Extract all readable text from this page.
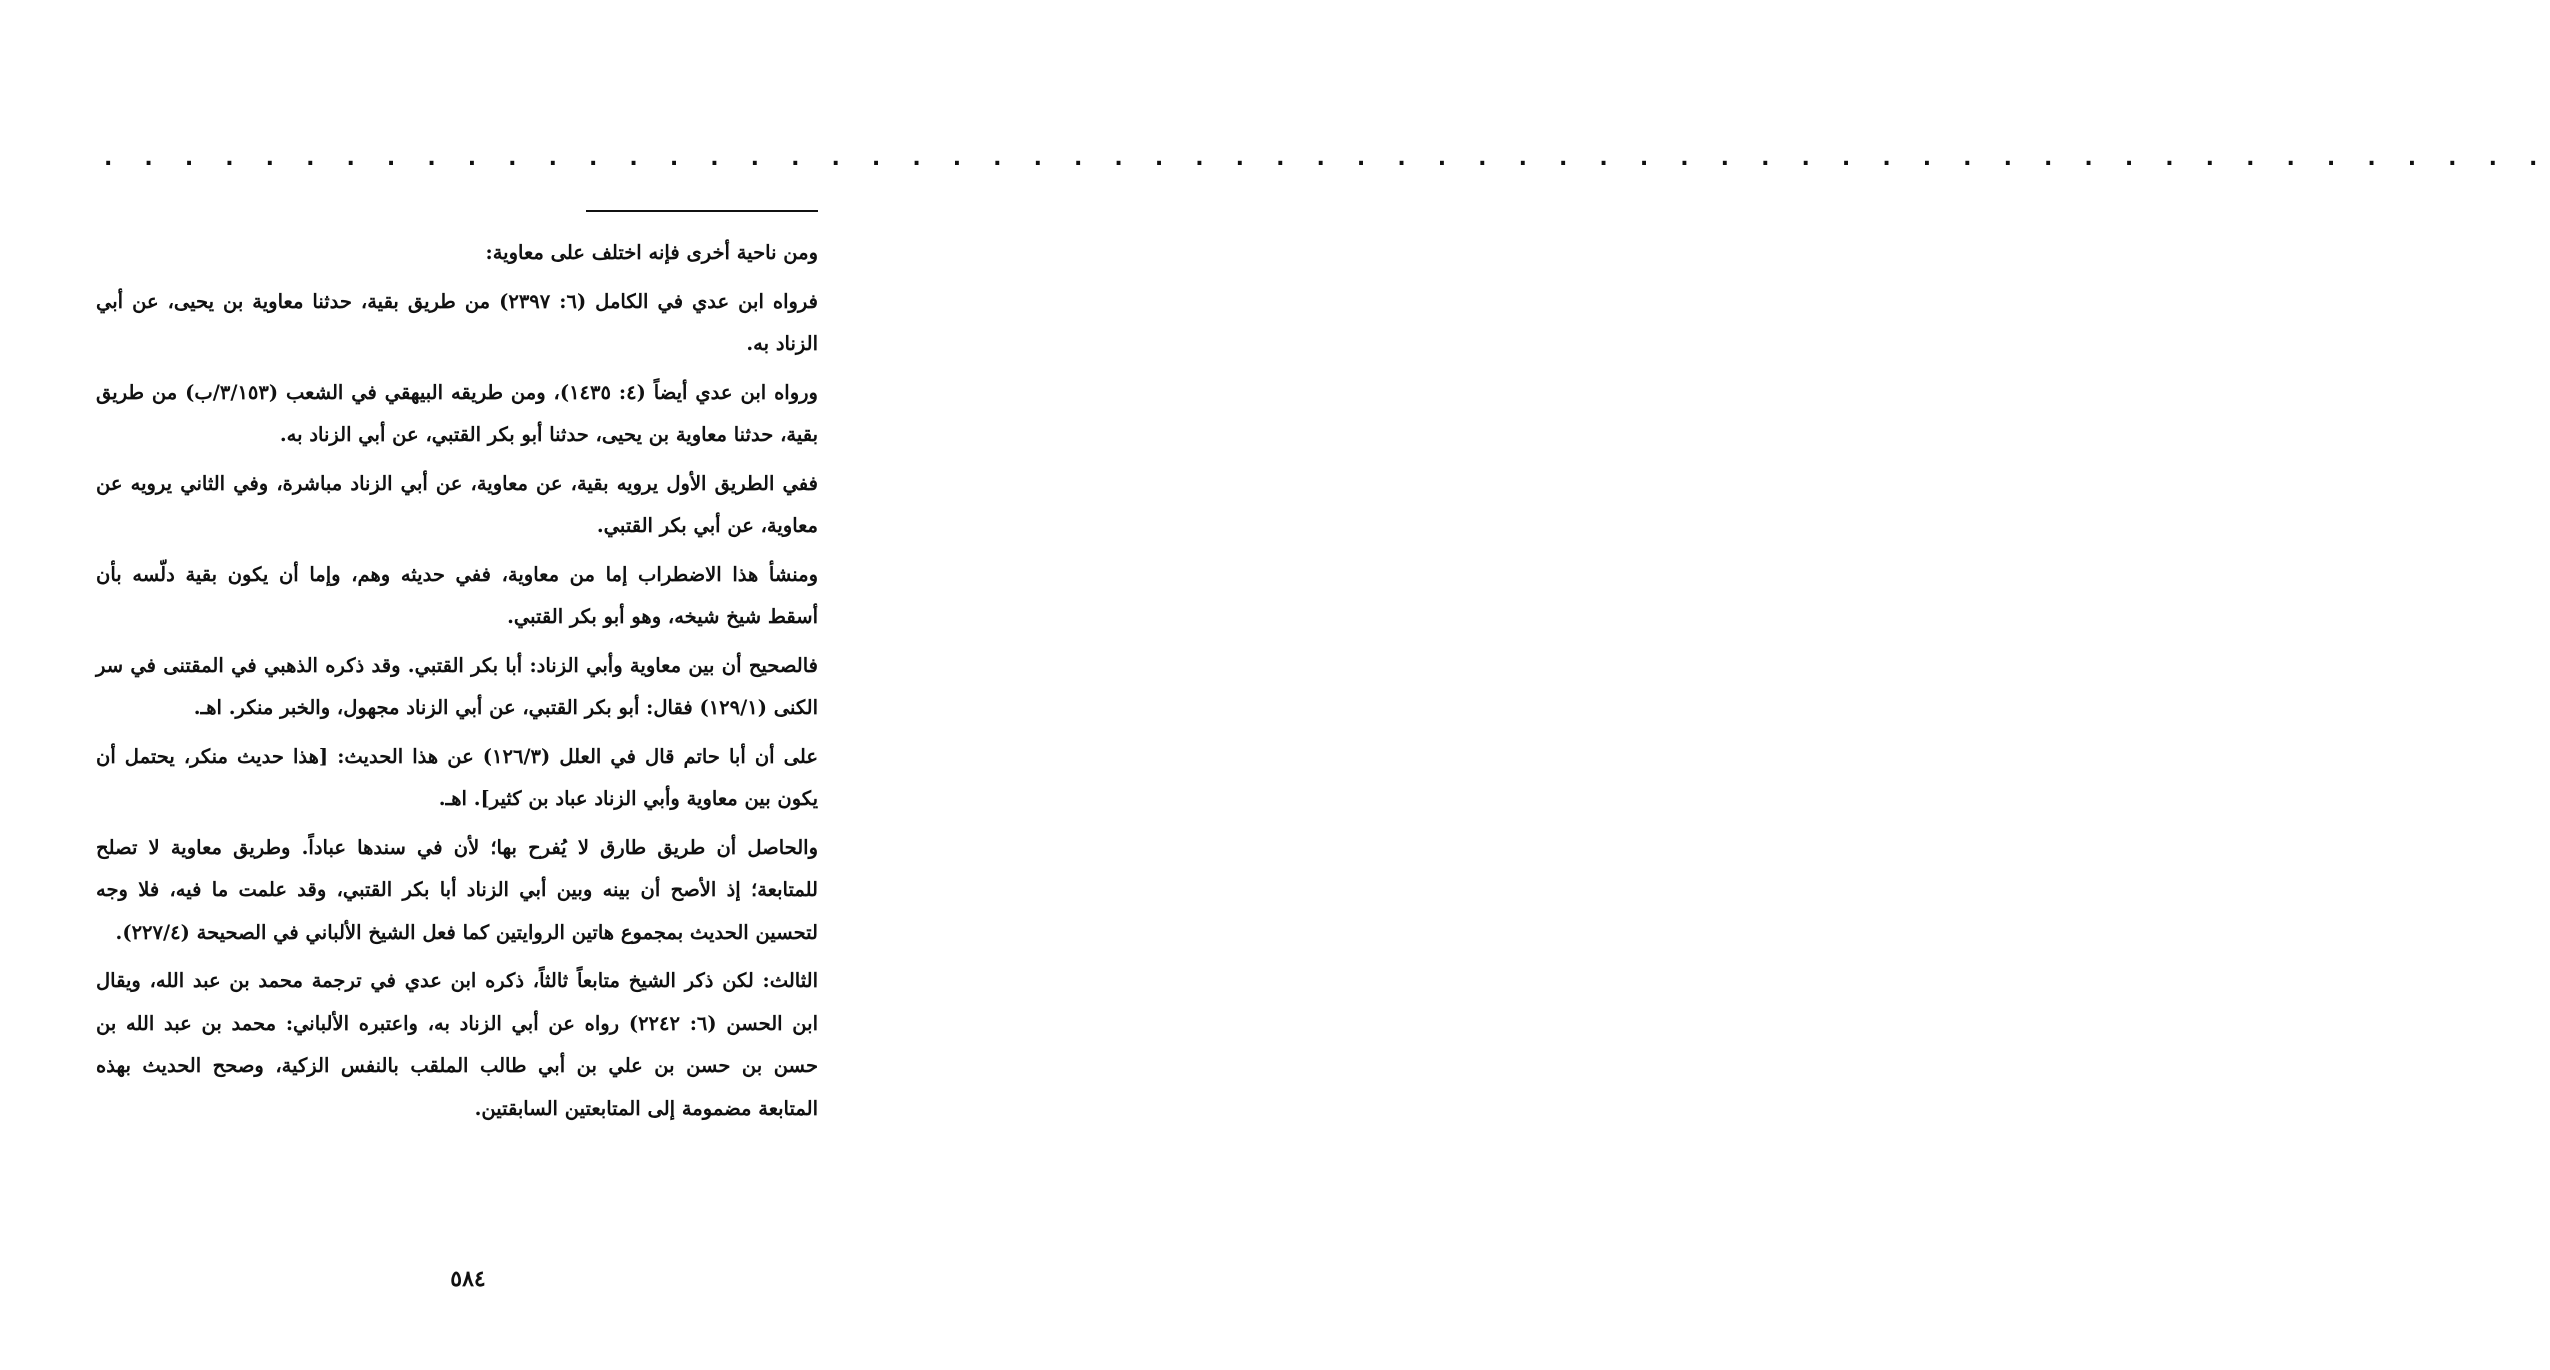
. . . . . . . . . . . . . . . . . . . . . . . . . . . . . . . . . . . . . . . . . . . . . . . . . . . . . . . . . . . . .

ومن ناحية أخرى فإنه اختلف على معاوية:

فرواه ابن عدي في الكامل (٦: ٢٣٩٧) من طريق بقية، حدثنا معاوية بن يحيى، عن أبي الزناد به.

ورواه ابن عدي أيضاً (٤: ١٤٣٥)، ومن طريقه البيهقي في الشعب (٣/١٥٣/ب) من طريق بقية، حدثنا معاوية بن يحيى، حدثنا أبو بكر القتبي، عن أبي الزناد به.

ففي الطريق الأول يرويه بقية، عن معاوية، عن أبي الزناد مباشرة، وفي الثاني يرويه عن معاوية، عن أبي بكر القتبي.

ومنشأ هذا الاضطراب إما من معاوية، ففي حديثه وهم، وإما أن يكون بقية دلّسه بأن أسقط شيخ شيخه، وهو أبو بكر القتبي.

فالصحيح أن بين معاوية وأبي الزناد: أبا بكر القتبي. وقد ذكره الذهبي في المقتنى في سر الكنى (١٢٩/١) فقال: أبو بكر القتبي، عن أبي الزناد مجهول، والخبر منكر. اهـ.

على أن أبا حاتم قال في العلل (١٢٦/٣) عن هذا الحديث: [هذا حديث منكر، يحتمل أن يكون بين معاوية وأبي الزناد عباد بن كثير]. اهـ.

والحاصل أن طريق طارق لا يُفرح بها؛ لأن في سندها عباداً. وطريق معاوية لا تصلح للمتابعة؛ إذ الأصح أن بينه وبين أبي الزناد أبا بكر القتبي، وقد علمت ما فيه، فلا وجه لتحسين الحديث بمجموع هاتين الروايتين كما فعل الشيخ الألباني في الصحيحة (٢٢٧/٤).

الثالث: لكن ذكر الشيخ متابعاً ثالثاً، ذكره ابن عدي في ترجمة محمد بن عبد الله، ويقال ابن الحسن (٦: ٢٢٤٢) رواه عن أبي الزناد به، واعتبره الألباني: محمد بن عبد الله بن حسن بن حسن بن علي بن أبي طالب الملقب بالنفس الزكية، وصحح الحديث بهذه المتابعة مضمومة إلى المتابعتين السابقتين.

٥٨٤
